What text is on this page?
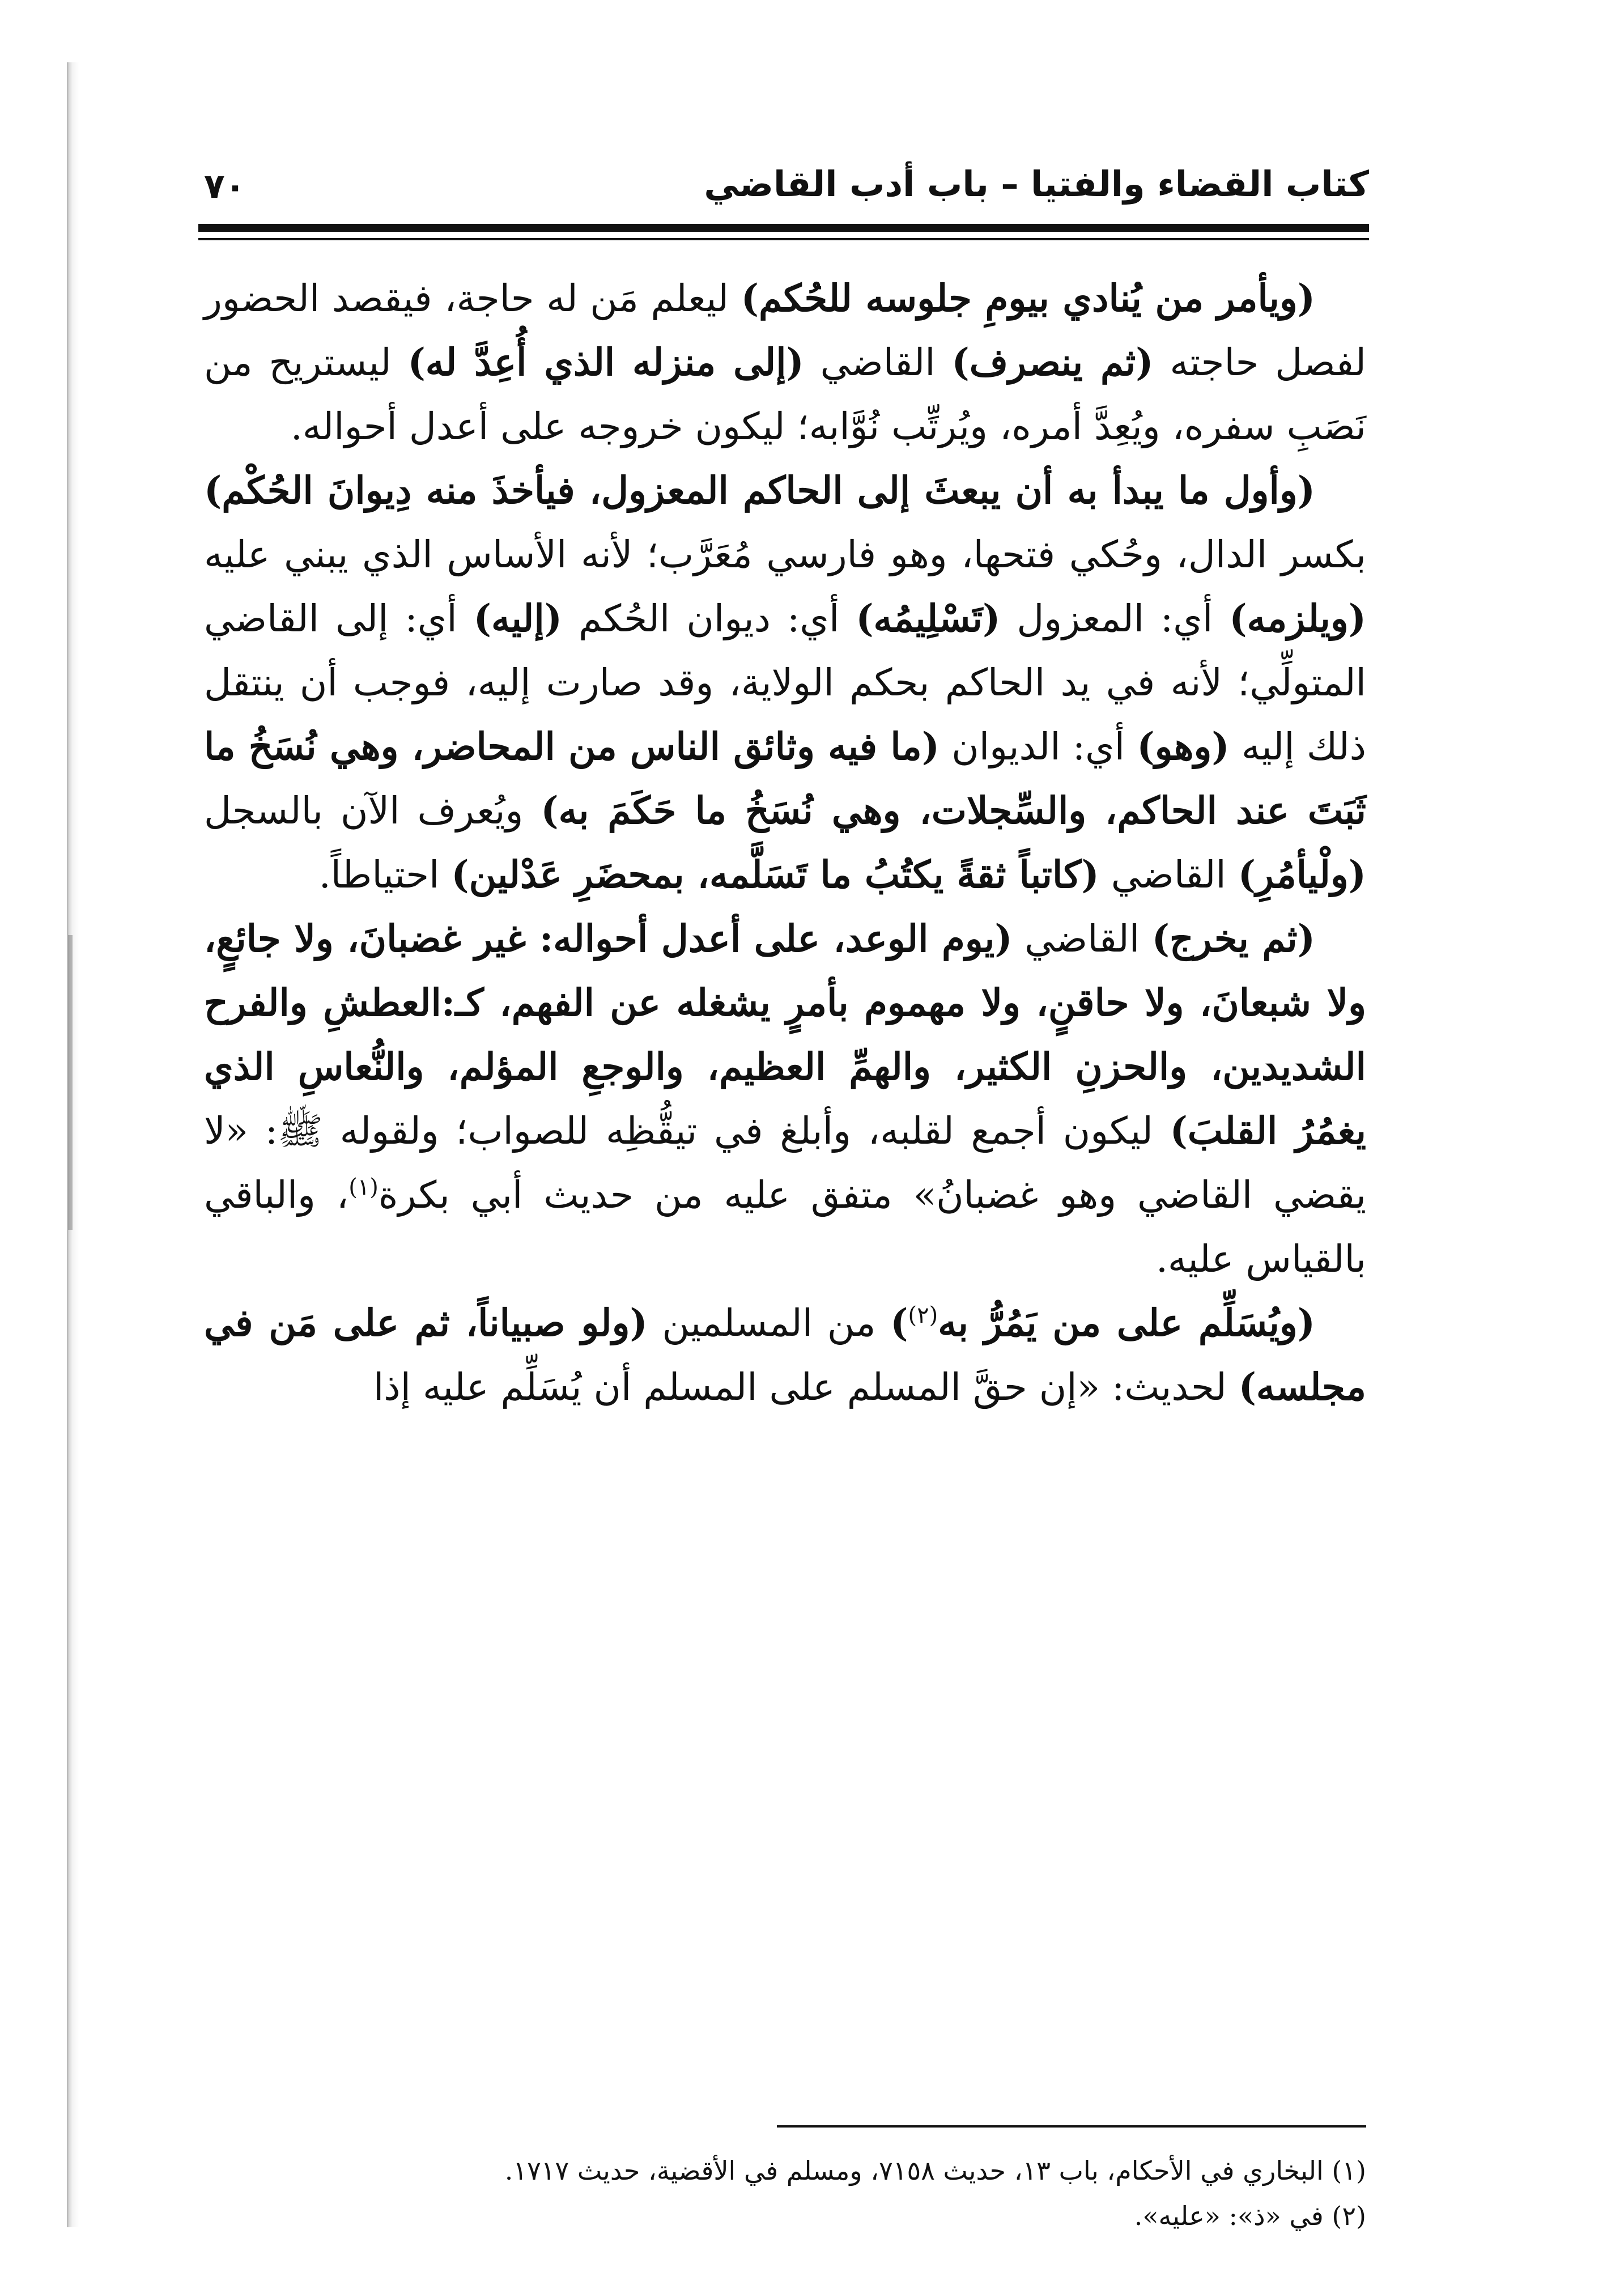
كتاب القضاء والفتيا – باب أدب القاضي
٧٠

(ويأمر من يُنادي بيومِ جلوسه للحُكم) ليعلم مَن له حاجة، فيقصد الحضور لفصل حاجته (ثم ينصرف) القاضي (إلى منزله الذي أُعِدَّ له) ليستريح من نَصَبِ سفره، ويُعِدَّ أمره، ويُرتِّب نُوَّابه؛ ليكون خروجه على أعدل أحواله.

(وأول ما يبدأ به أن يبعثَ إلى الحاكم المعزول، فيأخذَ منه دِيوانَ الحُكْم) بكسر الدال، وحُكي فتحها، وهو فارسي مُعَرَّب؛ لأنه الأساس الذي يبني عليه (ويلزمه) أي: المعزول (تَسْلِيمُه) أي: ديوان الحُكم (إليه) أي: إلى القاضي المتولِّي؛ لأنه في يد الحاكم بحكم الولاية، وقد صارت إليه، فوجب أن ينتقل ذلك إليه (وهو) أي: الديوان (ما فيه وثائق الناس من المحاضر، وهي نُسَخُ ما ثَبَتَ عند الحاكم، والسِّجلات، وهي نُسَخُ ما حَكَمَ به) ويُعرف الآن بالسجل (ولْيأمُرِ) القاضي (كاتباً ثقةً يكتُبُ ما تَسَلَّمه، بمحضَرِ عَدْلين) احتياطاً.

(ثم يخرج) القاضي (يوم الوعد، على أعدل أحواله: غير غضبانَ، ولا جائعٍ، ولا شبعانَ، ولا حاقنٍ، ولا مهموم بأمرٍ يشغله عن الفهم، كـ:العطشِ والفرح الشديدين، والحزنِ الكثير، والهمِّ العظيم، والوجعِ المؤلم، والنُّعاسِ الذي يغمُرُ القلبَ) ليكون أجمع لقلبه، وأبلغ في تيقُّظِه للصواب؛ ولقوله ﷺ: «لا يقضي القاضي وهو غضبانُ» متفق عليه من حديث أبي بكرة$^{(١)}$، والباقي بالقياس عليه.

(ويُسَلِّم على من يَمُرُّ به$^{(٢)}$) من المسلمين (ولو صبياناً، ثم على مَن في مجلسه) لحديث: «إن حقَّ المسلم على المسلم أن يُسَلِّم عليه إذا

(١) البخاري في الأحكام، باب ١٣، حديث ٧١٥٨، ومسلم في الأقضية، حديث ١٧١٧.

(٢) في «ذ»: «عليه».
